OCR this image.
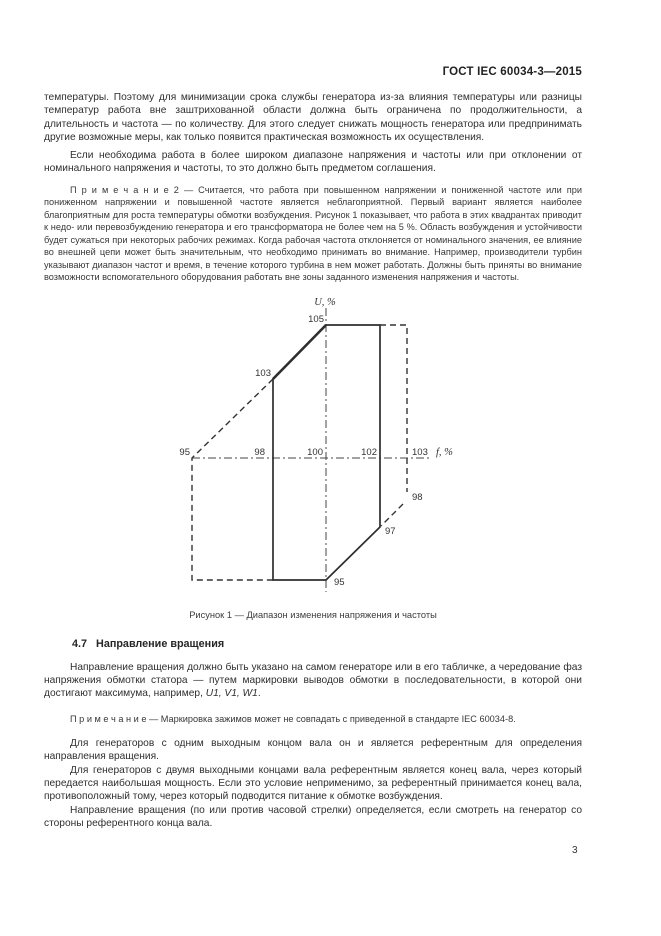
ГОСТ IEC 60034-3—2015

температуры. Поэтому для минимизации срока службы генератора из-за влияния температуры или разницы температур работа вне заштрихованной области должна быть ограничена по продолжительности, а длительность и частота — по количеству. Для этого следует снижать мощность генератора или предпринимать другие возможные меры, как только появится практическая возможность их осуществления.

Если необходима работа в более широком диапазоне напряжения и частоты или при отклонении от номинального напряжения и частоты, то это должно быть предметом соглашения.

П р и м е ч а н и е 2 — Считается, что работа при повышенном напряжении и пониженной частоте или при пониженном напряжении и повышенной частоте является неблагоприятной. Первый вариант является наиболее благоприятным для роста температуры обмотки возбуждения. Рисунок 1 показывает, что работа в этих квадрантах приводит к недо- или перевозбуждению генератора и его трансформатора не более чем на 5 %. Область возбуждения и устойчивости будет сужаться при некоторых рабочих режимах. Когда рабочая частота отклоняется от номинального значения, ее влияние во внешней цепи может быть значительным, что необходимо принимать во внимание. Например, производители турбин указывают диапазон частот и время, в течение которого турбина в нем может работать. Должны быть приняты во внимание возможности вспомогательного оборудования работать вне зоны заданного изменения напряжения и частоты.

U, %
f, %
105
103
95	98	100	102	103
98
97
95
Рисунок 1 — Диапазон изменения напряжения и частоты
4.7 Направление вращения

Направление вращения должно быть указано на самом генераторе или в его табличке, а чередование фаз напряжения обмотки статора — путем маркировки выводов обмотки в последовательности, в которой они достигают максимума, например, U1, V1, W1.

П р и м е ч а н и е — Маркировка зажимов может не совпадать с приведенной в стандарте IEC 60034-8.

Для генераторов с одним выходным концом вала он и является референтным для определения направления вращения.

Для генераторов с двумя выходными концами вала референтным является конец вала, через который передается наибольшая мощность. Если это условие неприменимо, за референтный принимается конец вала, противоположный тому, через который подводится питание к обмотке возбуждения.

Направление вращения (по или против часовой стрелки) определяется, если смотреть на генератор со стороны референтного конца вала.

3
